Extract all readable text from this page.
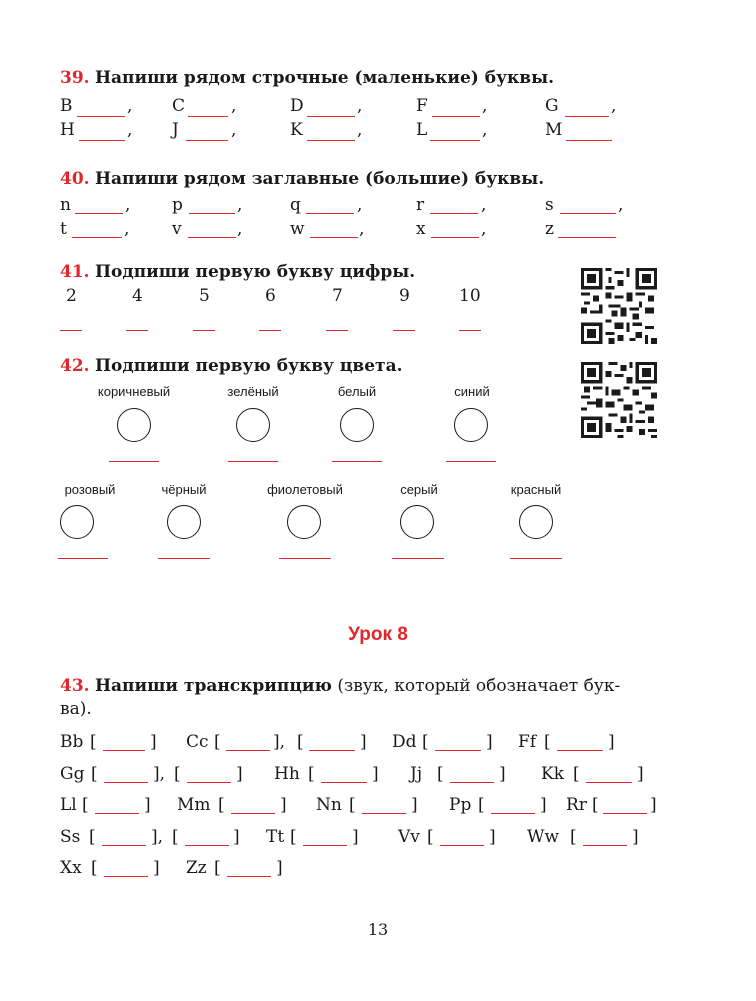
39. Напиши рядом строчные (маленькие) буквы.
B	, C	,	D	,	F	,	G	,
H	, J	,	K	,	L	,	M
40. Напиши рядом заглавные (большие) буквы.
n	, p	,	q	,	r	,	s	,
t	,	v	,	w	,	x	,	z
41. Подпиши первую букву цифры.
2	4	5	6	7	9	10
42. Подпиши первую букву цвета.
коричневый	зелёный	белый	синий
розовый	чёрный	фиолетовый	серый	красный
Урок 8
43. Напиши транскрипцию (звук, который обозначает бук-
ва).
Bb [	] Cc [	], [	] Dd [	] Ff [	]
Gg [	], [	] Hh [	] Jj [	] Kk [	]
Ll [	] Mm [	] Nn [	] Pp [	] Rr [	]
Ss [	], [	] Tt [	] Vv [	] Ww [	]
Xx [	] Zz [	]
13
